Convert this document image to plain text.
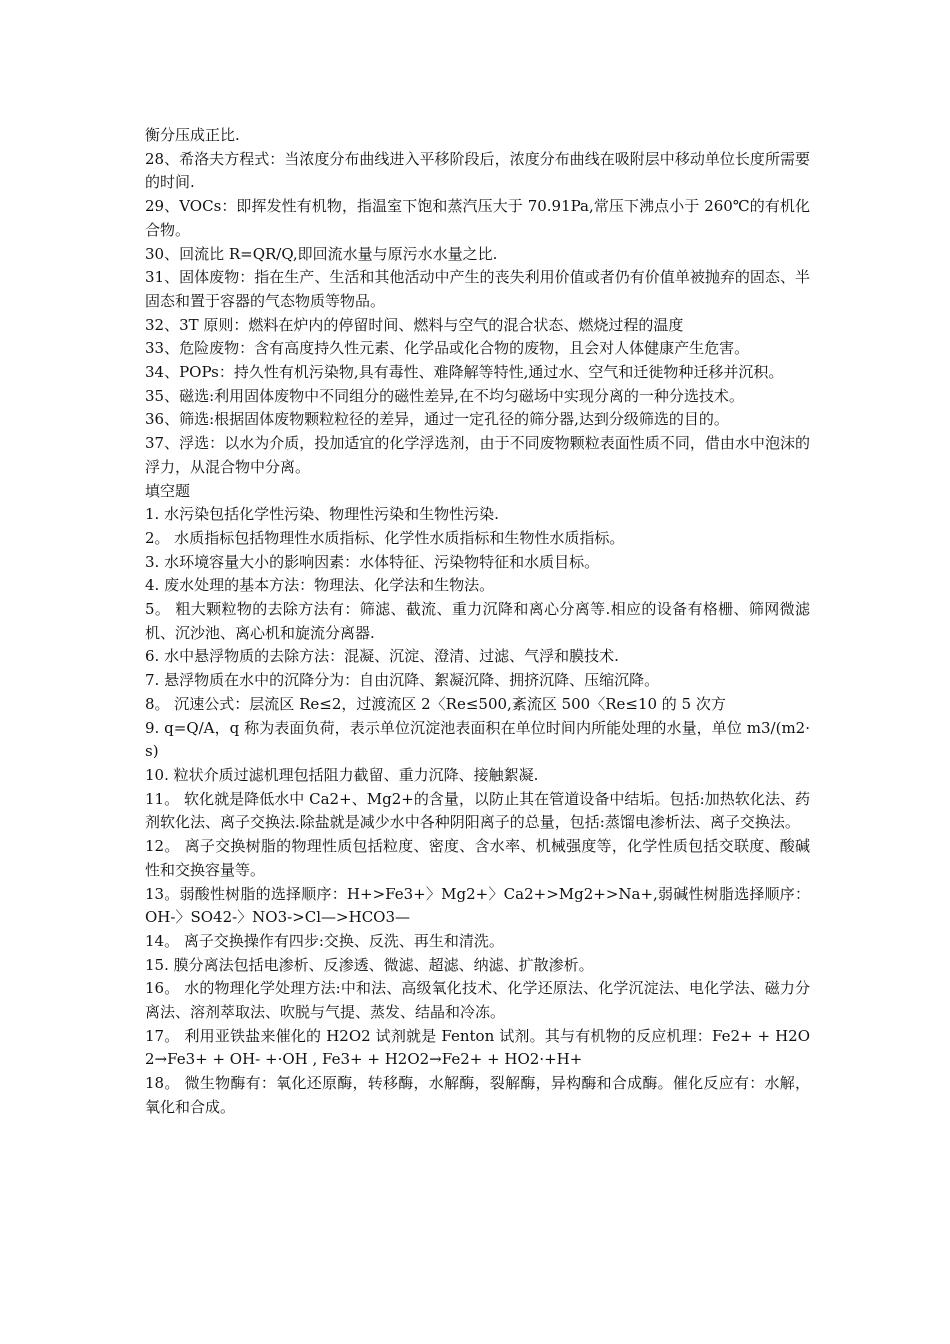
衡分压成正比.

28、希洛夫方程式：当浓度分布曲线进入平移阶段后，浓度分布曲线在吸附层中移动单位长度所需要的时间.

29、VOCs：即挥发性有机物，指温室下饱和蒸汽压大于 70.91Pa,常压下沸点小于 260℃的有机化合物。

30、回流比 R=QR/Q,即回流水量与原污水水量之比.

31、固体废物：指在生产、生活和其他活动中产生的丧失利用价值或者仍有价值单被抛弃的固态、半固态和置于容器的气态物质等物品。

32、3T 原则：燃料在炉内的停留时间、燃料与空气的混合状态、燃烧过程的温度

33、危险废物：含有高度持久性元素、化学品或化合物的废物，且会对人体健康产生危害。

34、POPs：持久性有机污染物,具有毒性、难降解等特性,通过水、空气和迁徙物种迁移并沉积。

35、磁选:利用固体废物中不同组分的磁性差异,在不均匀磁场中实现分离的一种分选技术。

36、筛选:根据固体废物颗粒粒径的差异，通过一定孔径的筛分器,达到分级筛选的目的。

37、浮选：以水为介质，投加适宜的化学浮选剂，由于不同废物颗粒表面性质不同，借由水中泡沫的浮力，从混合物中分离。

填空题

1. 水污染包括化学性污染、物理性污染和生物性污染.

2。 水质指标包括物理性水质指标、化学性水质指标和生物性水质指标。

3. 水环境容量大小的影响因素：水体特征、污染物特征和水质目标。

4. 废水处理的基本方法：物理法、化学法和生物法。

5。 粗大颗粒物的去除方法有：筛滤、截流、重力沉降和离心分离等.相应的设备有格栅、筛网微滤机、沉沙池、离心机和旋流分离器.

6. 水中悬浮物质的去除方法：混凝、沉淀、澄清、过滤、气浮和膜技术.

7. 悬浮物质在水中的沉降分为：自由沉降、絮凝沉降、拥挤沉降、压缩沉降。

8。 沉速公式：层流区 Re≤2，过渡流区 2〈Re≤500,紊流区 500〈Re≤10 的 5 次方

9. q=Q/A，q 称为表面负荷，表示单位沉淀池表面积在单位时间内所能处理的水量，单位 m3/(m2·s)

10. 粒状介质过滤机理包括阻力截留、重力沉降、接触絮凝.

11。 软化就是降低水中 Ca2+、Mg2+的含量，以防止其在管道设备中结垢。包括:加热软化法、药剂软化法、离子交换法.除盐就是减少水中各种阴阳离子的总量，包括:蒸馏电渗析法、离子交换法。

12。 离子交换树脂的物理性质包括粒度、密度、含水率、机械强度等，化学性质包括交联度、酸碱性和交换容量等。

13。弱酸性树脂的选择顺序：H+>Fe3+〉Mg2+〉Ca2+>Mg2+>Na+,弱碱性树脂选择顺序：OH-〉SO42-〉NO3->Cl—>HCO3—

14。 离子交换操作有四步:交换、反洗、再生和清洗。

15. 膜分离法包括电渗析、反渗透、微滤、超滤、纳滤、扩散渗析。

16。 水的物理化学处理方法:中和法、高级氧化技术、化学还原法、化学沉淀法、电化学法、磁力分离法、溶剂萃取法、吹脱与气提、蒸发、结晶和冷冻。

17。 利用亚铁盐来催化的 H2O2 试剂就是 Fenton 试剂。其与有机物的反应机理：Fe2+ + H2O2→Fe3+ + OH- +·OH , Fe3+ + H2O2→Fe2+ + HO2·+H+

18。 微生物酶有：氧化还原酶，转移酶，水解酶，裂解酶，异构酶和合成酶。催化反应有：水解，氧化和合成。
